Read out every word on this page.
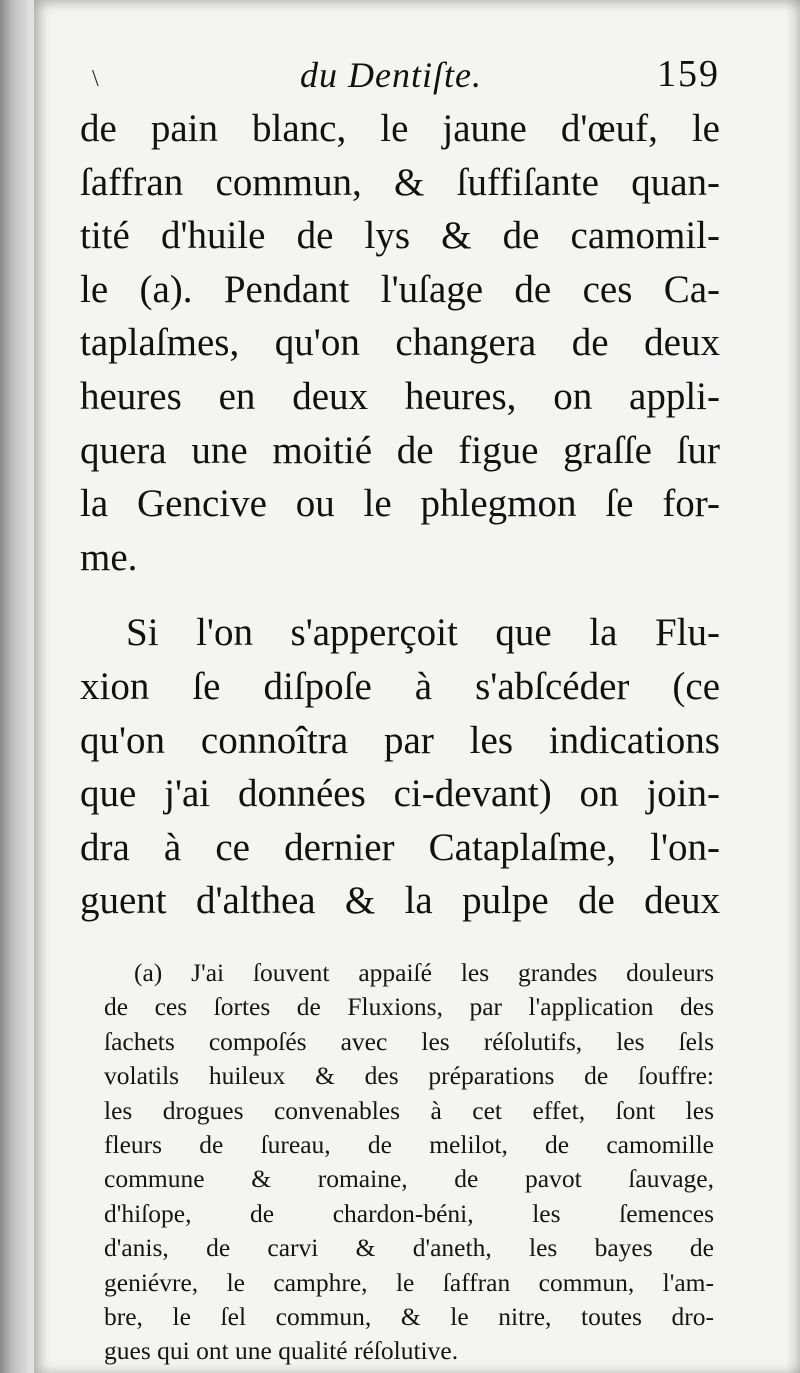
\	du Dentiſte.	159
de pain blanc, le jaune d'œuf, le
ſaffran commun, & ſuffiſante quan-
tité d'huile de lys & de camomil-
le (a). Pendant l'uſage de ces Ca-
taplaſmes, qu'on changera de deux
heures en deux heures, on appli-
quera une moitié de figue graſſe ſur
la Gencive ou le phlegmon ſe for-
me.
Si l'on s'apperçoit que la Flu-
xion ſe diſpoſe à s'abſcéder (ce
qu'on connoîtra par les indications
que j'ai données ci-devant) on join-
dra à ce dernier Cataplaſme, l'on-
guent d'althea & la pulpe de deux
(a) J'ai ſouvent appaiſé les grandes douleurs
de ces ſortes de Fluxions, par l'application des
ſachets compoſés avec les réſolutifs, les ſels
volatils huileux & des préparations de ſouffre:
les drogues convenables à cet effet, ſont les
fleurs de ſureau, de melilot, de camomille
commune & romaine, de pavot ſauvage,
d'hiſope, de chardon-béni, les ſemences
d'anis, de carvi & d'aneth, les bayes de
geniévre, le camphre, le ſaffran commun, l'am-
bre, le ſel commun, & le nitre, toutes dro-
gues qui ont une qualité réſolutive.
